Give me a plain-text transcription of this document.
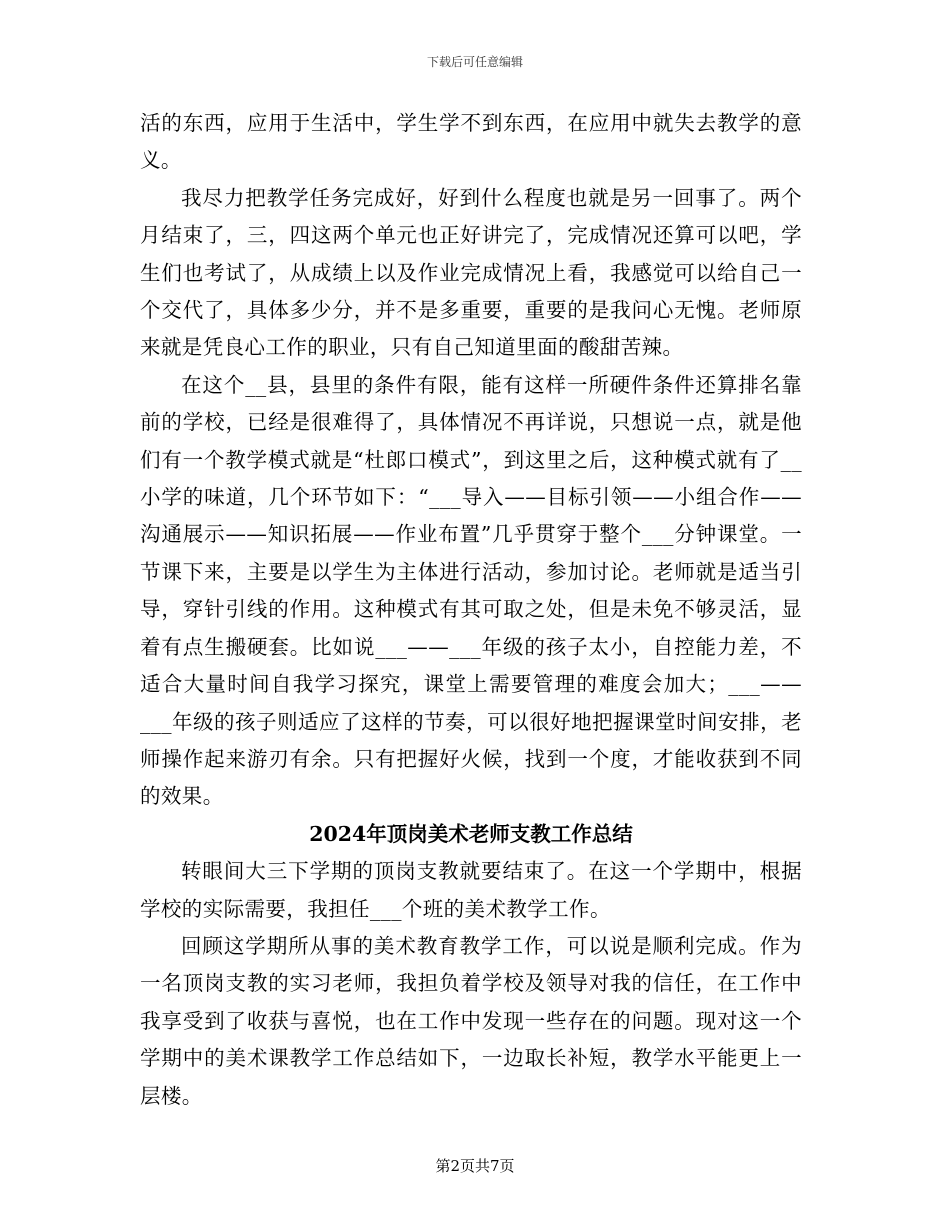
下载后可任意编辑

活的东西，应用于生活中，学生学不到东西，在应用中就失去教学的意义。

我尽力把教学任务完成好，好到什么程度也就是另一回事了。两个月结束了，三，四这两个单元也正好讲完了，完成情况还算可以吧，学生们也考试了，从成绩上以及作业完成情况上看，我感觉可以给自己一个交代了，具体多少分，并不是多重要，重要的是我问心无愧。老师原来就是凭良心工作的职业，只有自己知道里面的酸甜苦辣。

在这个__县，县里的条件有限，能有这样一所硬件条件还算排名靠前的学校，已经是很难得了，具体情况不再详说，只想说一点，就是他们有一个教学模式就是“杜郎口模式”，到这里之后，这种模式就有了__小学的味道，几个环节如下：“___导入——目标引领——小组合作——沟通展示——知识拓展——作业布置”几乎贯穿于整个___分钟课堂。一节课下来，主要是以学生为主体进行活动，参加讨论。老师就是适当引导，穿针引线的作用。这种模式有其可取之处，但是未免不够灵活，显着有点生搬硬套。比如说___——___年级的孩子太小，自控能力差，不适合大量时间自我学习探究，课堂上需要管理的难度会加大；___——___年级的孩子则适应了这样的节奏，可以很好地把握课堂时间安排，老师操作起来游刃有余。只有把握好火候，找到一个度，才能收获到不同的效果。

2024年顶岗美术老师支教工作总结

转眼间大三下学期的顶岗支教就要结束了。在这一个学期中，根据学校的实际需要，我担任___个班的美术教学工作。

回顾这学期所从事的美术教育教学工作，可以说是顺利完成。作为一名顶岗支教的实习老师，我担负着学校及领导对我的信任，在工作中我享受到了收获与喜悦，也在工作中发现一些存在的问题。现对这一个学期中的美术课教学工作总结如下，一边取长补短，教学水平能更上一层楼。

第2页共7页
